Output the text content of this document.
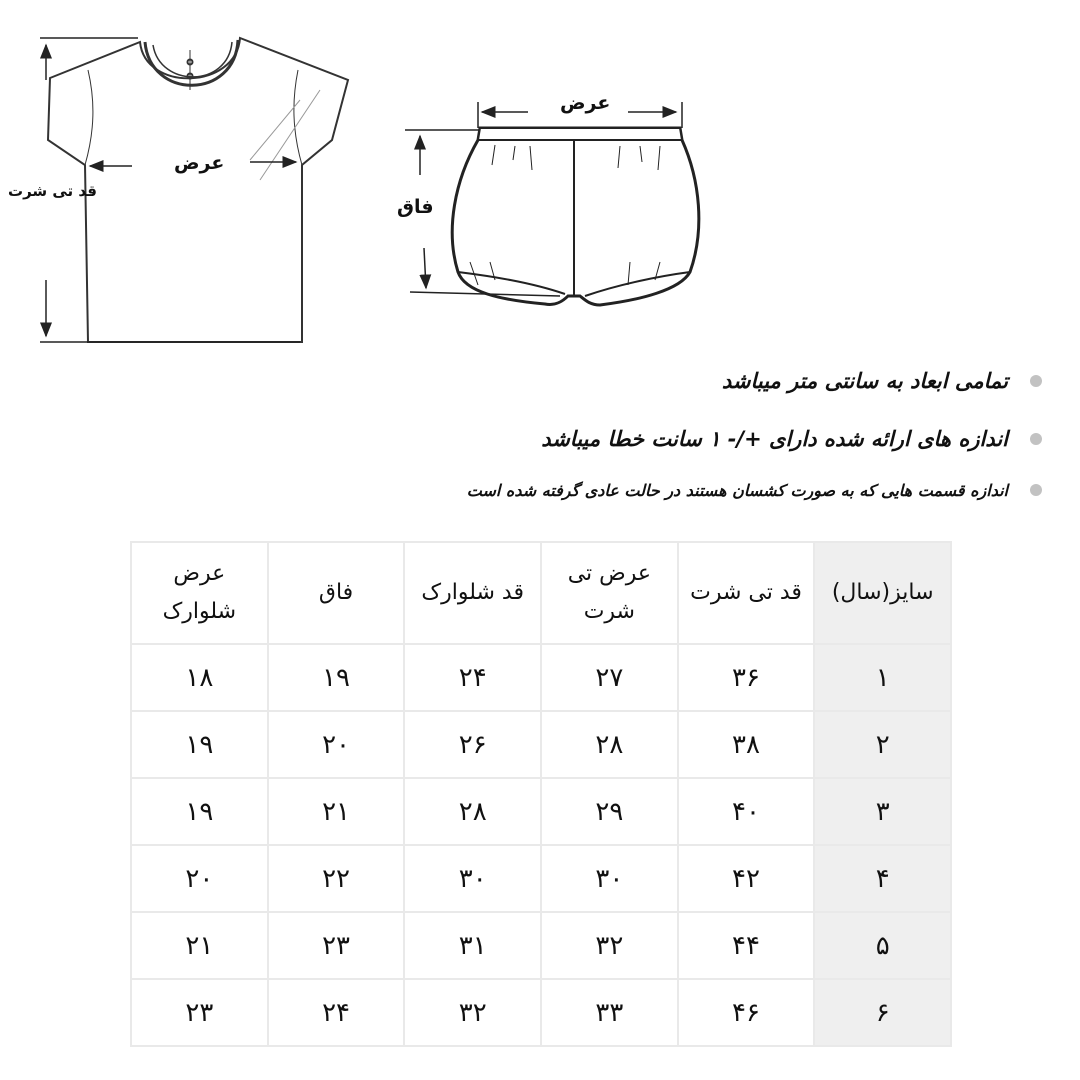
قد تی شرت
عرض
عرض
فاق
تمامی ابعاد به سانتی متر میباشد
اندازه های ارائه شده دارای +/- ۱ سانت خطا میباشد
اندازه قسمت هایی که به صورت کشسان هستند در حالت عادی گرفته شده است
سایز(سال)	قد تی شرت	عرض تی شرت	قد شلوارک	فاق	عرض شلوارک
۱	۳۶	۲۷	۲۴	۱۹	۱۸
۲	۳۸	۲۸	۲۶	۲۰	۱۹
۳	۴۰	۲۹	۲۸	۲۱	۱۹
۴	۴۲	۳۰	۳۰	۲۲	۲۰
۵	۴۴	۳۲	۳۱	۲۳	۲۱
۶	۴۶	۳۳	۳۲	۲۴	۲۳
